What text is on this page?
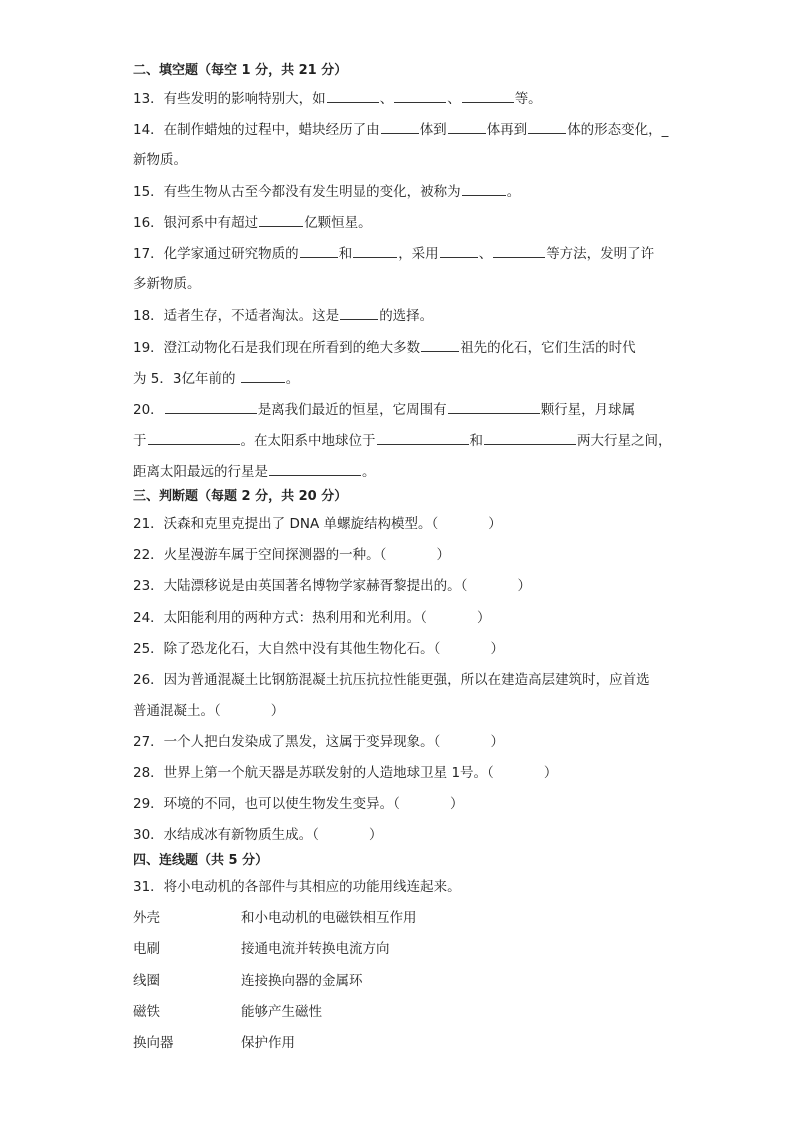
二、填空题（每空 1 分，共 21 分）
13．有些发明的影响特别大，如	、	、	等。
14．在制作蜡烛的过程中，蜡块经历了由	体到	体再到	体的形态变化，_
新物质。
15．有些生物从古至今都没有发生明显的变化，被称为	。
16．银河系中有超过	亿颗恒星。
17．化学家通过研究物质的	和	，采用	、	等方法，发明了许
多新物质。
18．适者生存，不适者淘汰。这是	的选择。
19．澄江动物化石是我们现在所看到的绝大多数	祖先的化石，它们生活的时代
为 5．3亿年前的	。
20．	是离我们最近的恒星，它周围有	颗行星，月球属
于	。在太阳系中地球位于	和	两大行星之间，
距离太阳最远的行星是	。
三、判断题（每题 2 分，共 20 分）
21．沃森和克里克提出了 DNA 单螺旋结构模型。（	）
22．火星漫游车属于空间探测器的一种。（	）
23．大陆漂移说是由英国著名博物学家赫胥黎提出的。（	）
24．太阳能利用的两种方式：热利用和光利用。（	）
25．除了恐龙化石，大自然中没有其他生物化石。（	）
26．因为普通混凝土比钢筋混凝土抗压抗拉性能更强，所以在建造高层建筑时，应首选
普通混凝土。（	）
27．一个人把白发染成了黑发，这属于变异现象。（	）
28．世界上第一个航天器是苏联发射的人造地球卫星 1号。（	）
29．环境的不同，也可以使生物发生变异。（	）
30．水结成冰有新物质生成。（	）
四、连线题（共 5 分）
31．将小电动机的各部件与其相应的功能用线连起来。
外壳	和小电动机的电磁铁相互作用
电刷	接通电流并转换电流方向
线圈	连接换向器的金属环
磁铁	能够产生磁性
换向器	保护作用
